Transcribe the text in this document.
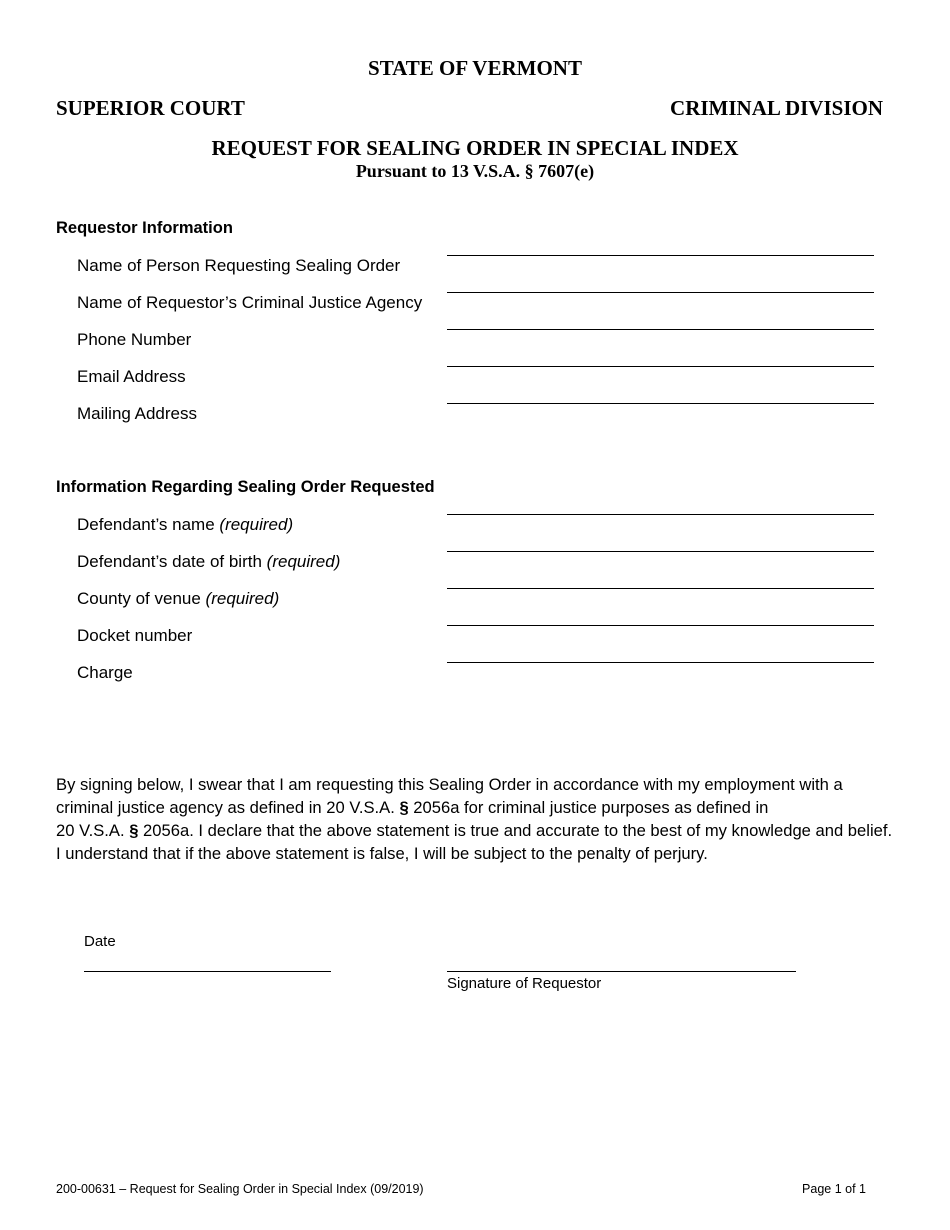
STATE OF VERMONT
SUPERIOR COURT	CRIMINAL DIVISION
REQUEST FOR SEALING ORDER IN SPECIAL INDEX
Pursuant to 13 V.S.A. § 7607(e)
Requestor Information
Name of Person Requesting Sealing Order
Name of Requestor’s Criminal Justice Agency
Phone Number
Email Address
Mailing Address
Information Regarding Sealing Order Requested
Defendant’s name (required)
Defendant’s date of birth (required)
County of venue (required)
Docket number
Charge

By signing below, I swear that I am requesting this Sealing Order in accordance with my employment with a criminal justice agency as defined in 20 V.S.A. § 2056a for criminal justice purposes as defined in

20 V.S.A. § 2056a. I declare that the above statement is true and accurate to the best of my knowledge and belief. I understand that if the above statement is false, I will be subject to the penalty of perjury.

Date
Signature of Requestor
200-00631 – Request for Sealing Order in Special Index (09/2019)	Page 1 of 1
